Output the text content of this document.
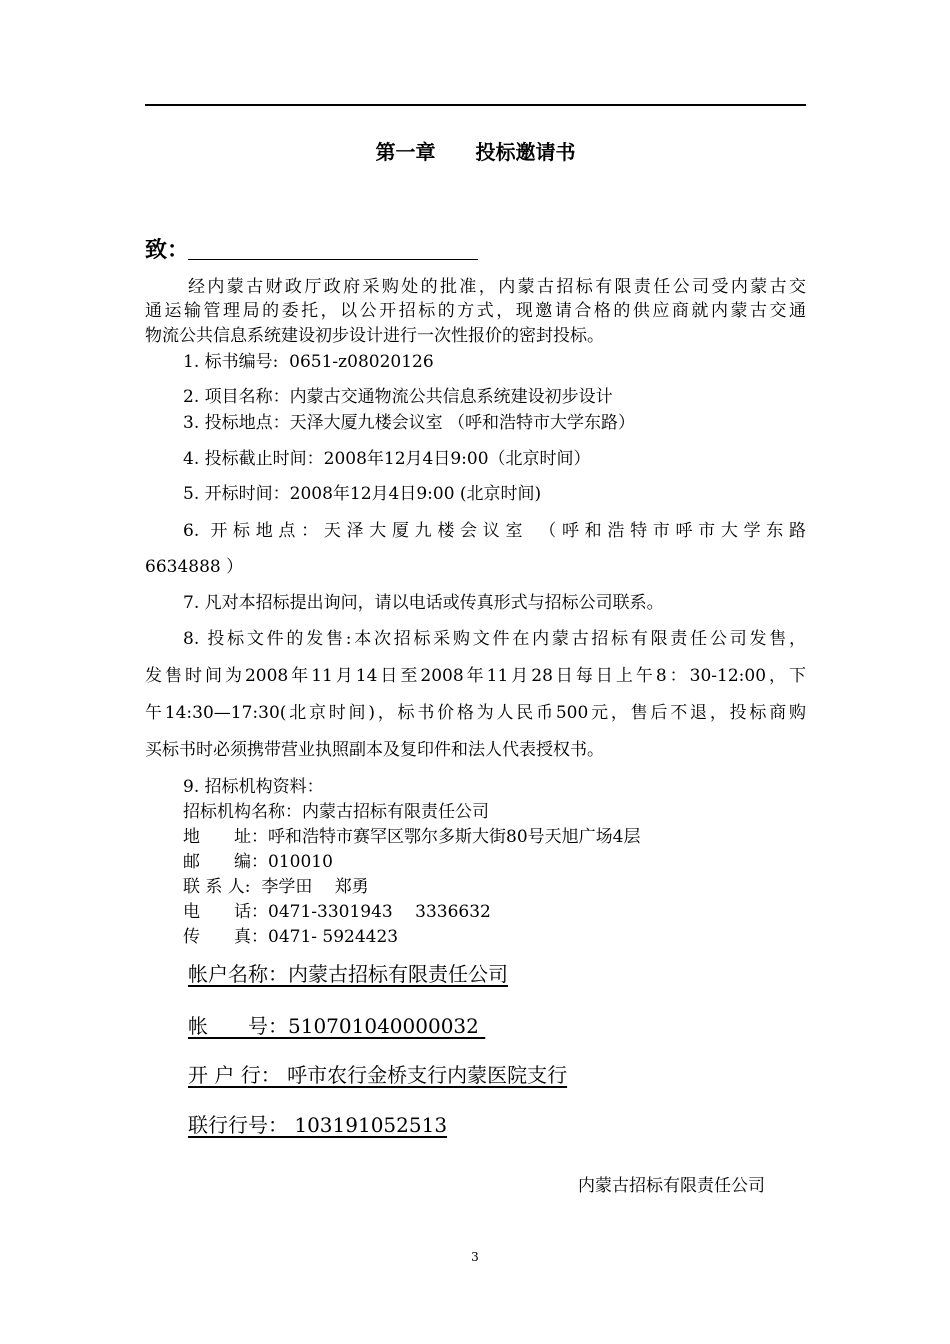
第一章　　投标邀请书
致：
经内蒙古财政厅政府采购处的批准，内蒙古招标有限责任公司受内蒙古交
通运输管理局的委托，以公开招标的方式，现邀请合格的供应商就内蒙古交通
物流公共信息系统建设初步设计进行一次性报价的密封投标。
1. 标书编号:  0651-z08020126
2. 项目名称：内蒙古交通物流公共信息系统建设初步设计
3. 投标地点：天泽大厦九楼会议室 （呼和浩特市大学东路）
4. 投标截止时间：2008年12月4日9:00（北京时间）
5. 开标时间：2008年12月4日9:00 (北京时间)
6. 开标地点：天泽大厦九楼会议室 （呼和浩特市呼市大学东路
6634888 ）
7. 凡对本招标提出询问，请以电话或传真形式与招标公司联系。
8. 投标文件的发售:本次招标采购文件在内蒙古招标有限责任公司发售，
发售时间为2008年11月14日至2008年11月28日每日上午8：30-12:00，下
午14:30—17:30(北京时间)，标书价格为人民币500元，售后不退，投标商购
买标书时必须携带营业执照副本及复印件和法人代表授权书。
9. 招标机构资料：
招标机构名称：内蒙古招标有限责任公司
地　　址：呼和浩特市赛罕区鄂尔多斯大街80号天旭广场4层
邮　　编：010010
联 系 人:  李学田　 郑勇
电　　话：0471-3301943　 3336632
传　　真：0471- 5924423
帐户名称：内蒙古招标有限责任公司
帐　　号：510701040000032
开 户 行： 呼市农行金桥支行内蒙医院支行
联行行号： 103191052513
内蒙古招标有限责任公司
3
